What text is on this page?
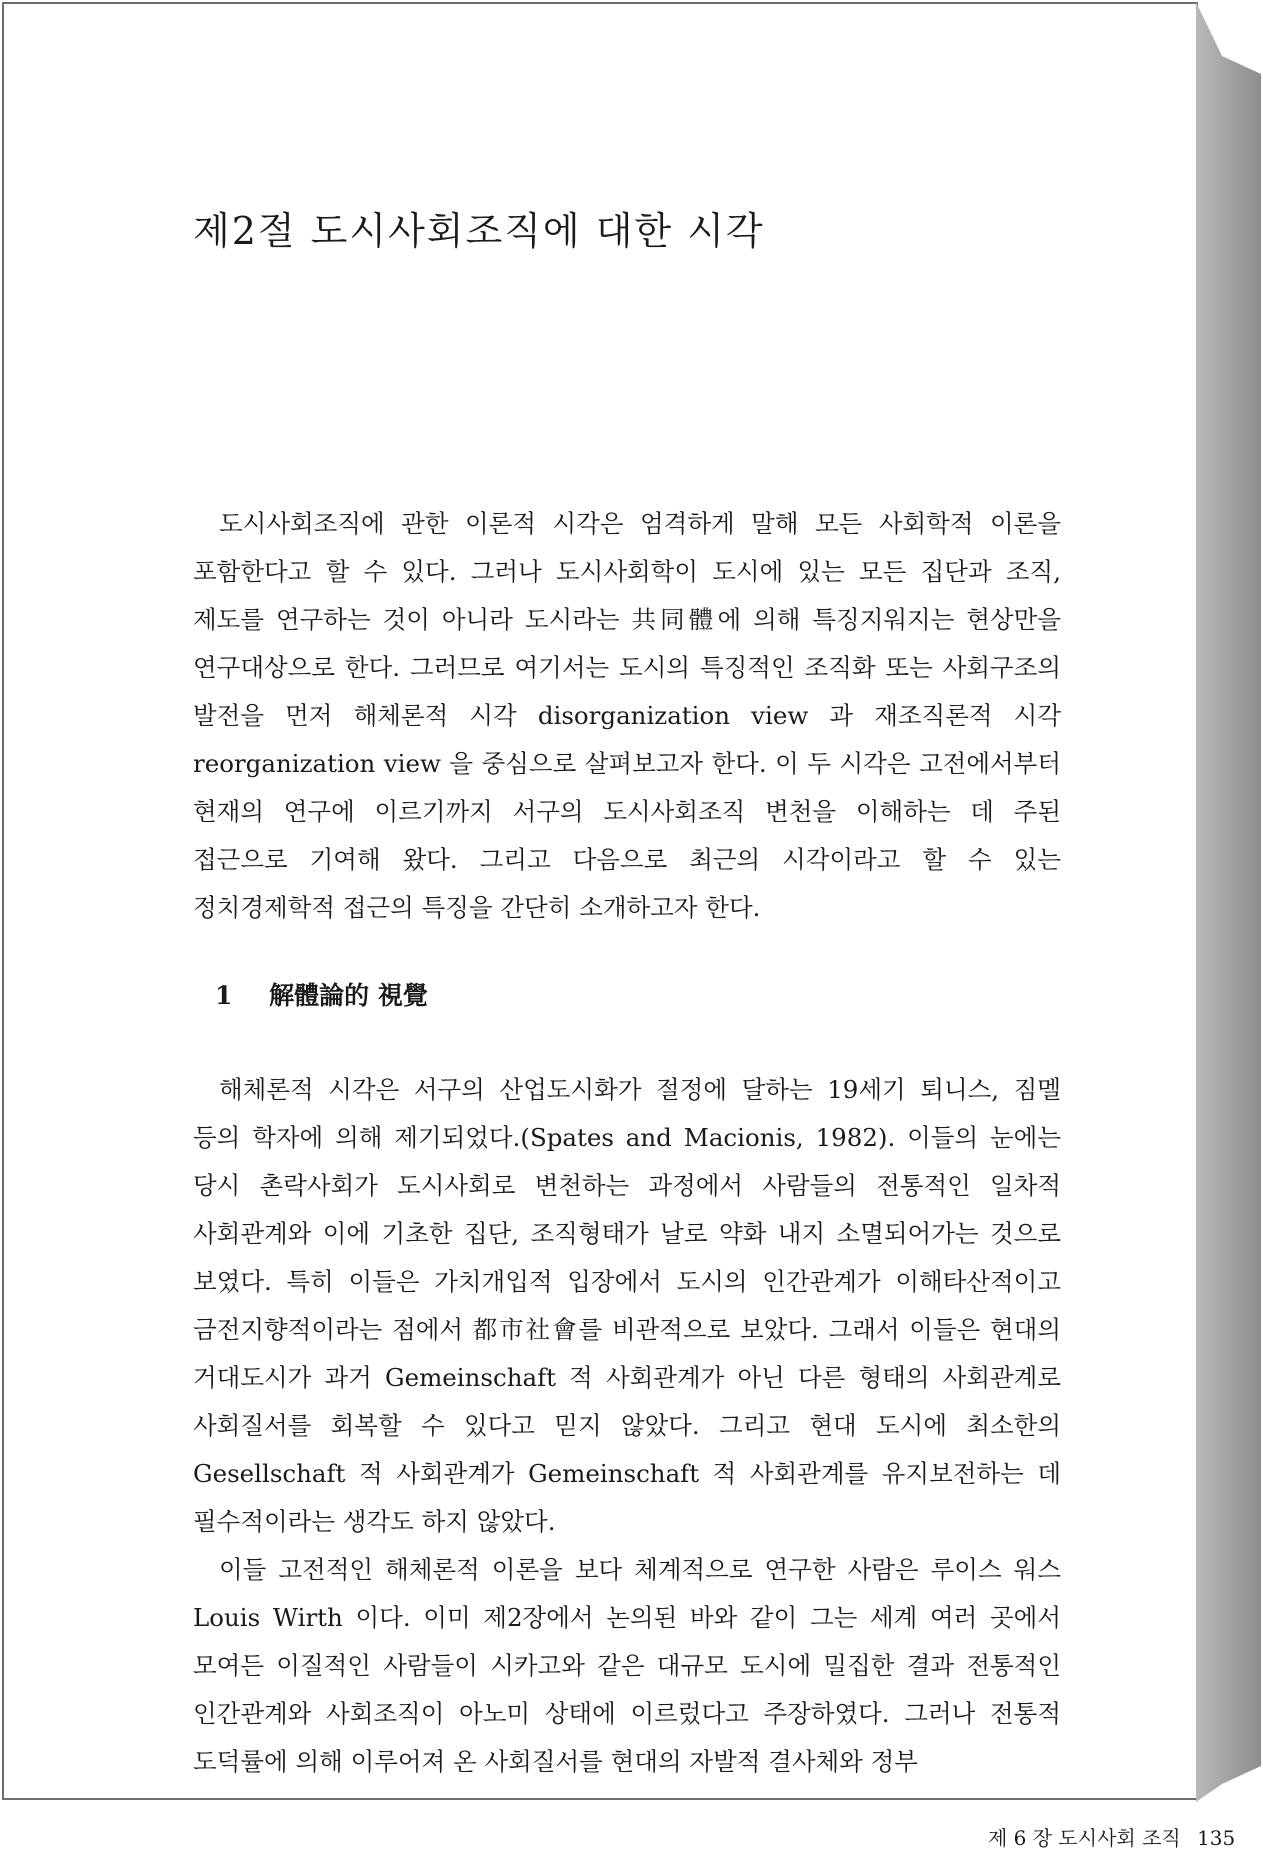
제2절 도시사회조직에 대한 시각

도시사회조직에 관한 이론적 시각은 엄격하게 말해 모든 사회학적 이론을 포함한다고 할 수 있다. 그러나 도시사회학이 도시에 있는 모든 집단과 조직, 제도를 연구하는 것이 아니라 도시라는 共同體에 의해 특징지워지는 현상만을 연구대상으로 한다. 그러므로 여기서는 도시의 특징적인 조직화 또는 사회구조의 발전을 먼저 해체론적 시각 disorganization view 과 재조직론적 시각 reorganization view 을 중심으로 살펴보고자 한다. 이 두 시각은 고전에서부터 현재의 연구에 이르기까지 서구의 도시사회조직 변천을 이해하는 데 주된 접근으로 기여해 왔다. 그리고 다음으로 최근의 시각이라고 할 수 있는 정치경제학적 접근의 특징을 간단히 소개하고자 한다.

1 解體論的 視覺

해체론적 시각은 서구의 산업도시화가 절정에 달하는 19세기 퇴니스, 짐멜 등의 학자에 의해 제기되었다.(Spates and Macionis, 1982). 이들의 눈에는 당시 촌락사회가 도시사회로 변천하는 과정에서 사람들의 전통적인 일차적 사회관계와 이에 기초한 집단, 조직형태가 날로 약화 내지 소멸되어가는 것으로 보였다. 특히 이들은 가치개입적 입장에서 도시의 인간관계가 이해타산적이고 금전지향적이라는 점에서 都市社會를 비관적으로 보았다. 그래서 이들은 현대의 거대도시가 과거 Gemeinschaft 적 사회관계가 아닌 다른 형태의 사회관계로 사회질서를 회복할 수 있다고 믿지 않았다. 그리고 현대 도시에 최소한의 Gesellschaft 적 사회관계가 Gemeinschaft 적 사회관계를 유지보전하는 데 필수적이라는 생각도 하지 않았다.

이들 고전적인 해체론적 이론을 보다 체계적으로 연구한 사람은 루이스 워스 Louis Wirth 이다. 이미 제2장에서 논의된 바와 같이 그는 세계 여러 곳에서 모여든 이질적인 사람들이 시카고와 같은 대규모 도시에 밀집한 결과 전통적인 인간관계와 사회조직이 아노미 상태에 이르렀다고 주장하였다. 그러나 전통적 도덕률에 의해 이루어져 온 사회질서를 현대의 자발적 결사체와 정부

제 6 장 도시사회 조직 135
